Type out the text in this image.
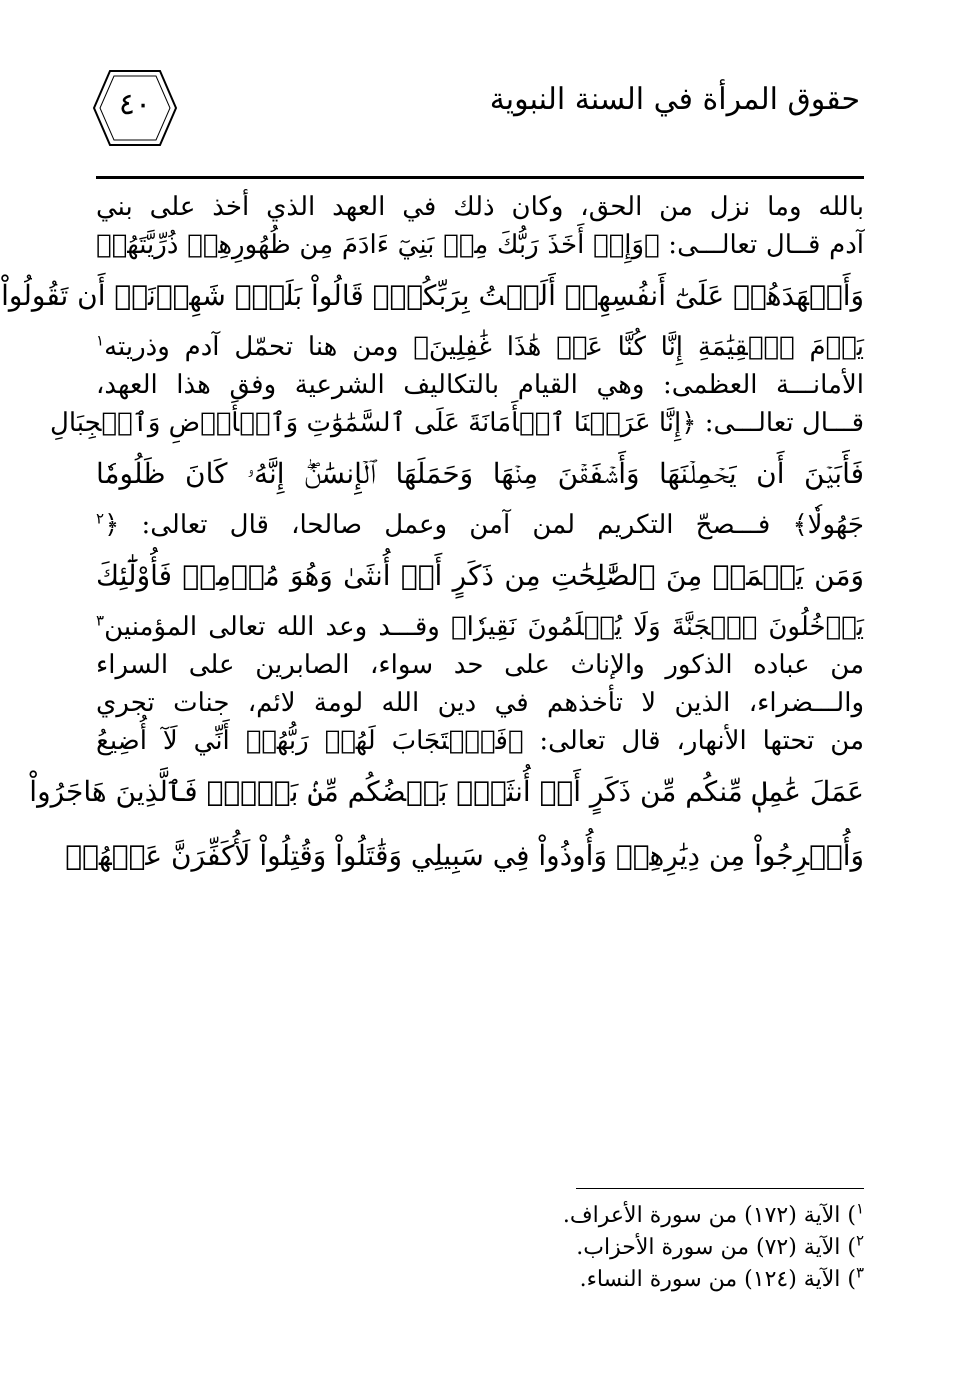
حقوق المرأة في السنة النبوية
٤٠
بالله وما نزل من الحق، وكان ذلك في العهد الذي أخذ على بني
آدم قــال تعالـــى: ﴿وَإِذۡ أَخَذَ رَبُّكَ مِنۢ بَنِيٓ ءَادَمَ مِن ظُهُورِهِمۡ ذُرِّيَّتَهُمۡ
وَأَشۡهَدَهُمۡ عَلَىٰٓ أَنفُسِهِمۡ أَلَسۡتُ بِرَبِّكُمۡۖ قَالُواْ بَلَىٰۛ شَهِدۡنَآۛ أَن تَقُولُواْ
يَوۡمَ ٱلۡقِيَٰمَةِ إِنَّا كُنَّا عَنۡ هَٰذَا غَٰفِلِينَ﴾ ومن هنا تحمّل آدم وذريته$^١$
الأمانـــة العظمى: وهي القيام بالتكاليف الشرعية وفق هذا العهد،
قـــال تعالـــى: ﴿إِنَّا عَرَضۡنَا ٱلۡأَمَانَةَ عَلَى ٱلسَّمَٰوَٰتِ وَٱلۡأَرۡضِ وَٱلۡجِبَالِ
فَأَبَيۡنَ أَن يَحۡمِلۡنَهَا وَأَشۡفَقۡنَ مِنۡهَا وَحَمَلَهَا ٱلۡإِنسَٰنُۖ إِنَّهُۥ كَانَ ظَلُومٗا
جَهُولٗا﴾ فـــصحّ التكريم لمن آمن وعمل صالحا، قال تعالى: ﴿$^٢$
وَمَن يَعۡمَلۡ مِنَ ٱلصَّٰلِحَٰتِ مِن ذَكَرٍ أَوۡ أُنثَىٰ وَهُوَ مُؤۡمِنٞ فَأُوْلَٰٓئِكَ
يَدۡخُلُونَ ٱلۡجَنَّةَ وَلَا يُظۡلَمُونَ نَقِيرٗا﴾ وقـــد وعد الله تعالى المؤمنين$^٣$
من عباده الذكور والإناث على حد سواء، الصابرين على السراء
والـــضراء، الذين لا تأخذهم في دين الله لومة لائم، جنات تجري
من تحتها الأنهار، قال تعالى: ﴿فَٱسۡتَجَابَ لَهُمۡ رَبُّهُمۡ أَنِّي لَآ أُضِيعُ
عَمَلَ عَٰمِلٖ مِّنكُم مِّن ذَكَرٍ أَوۡ أُنثَىٰۖ بَعۡضُكُم مِّنۢ بَعۡضٖۖ فَٱلَّذِينَ هَاجَرُواْ
وَأُخۡرِجُواْ مِن دِيَٰرِهِمۡ وَأُوذُواْ فِي سَبِيلِي وَقَٰتَلُواْ وَقُتِلُواْ لَأُكَفِّرَنَّ عَنۡهُمۡ
$^١$) الآية (١٧٢) من سورة الأعراف.
$^٢$) الآية (٧٢) من سورة الأحزاب.
$^٣$) الآية (١٢٤) من سورة النساء.
